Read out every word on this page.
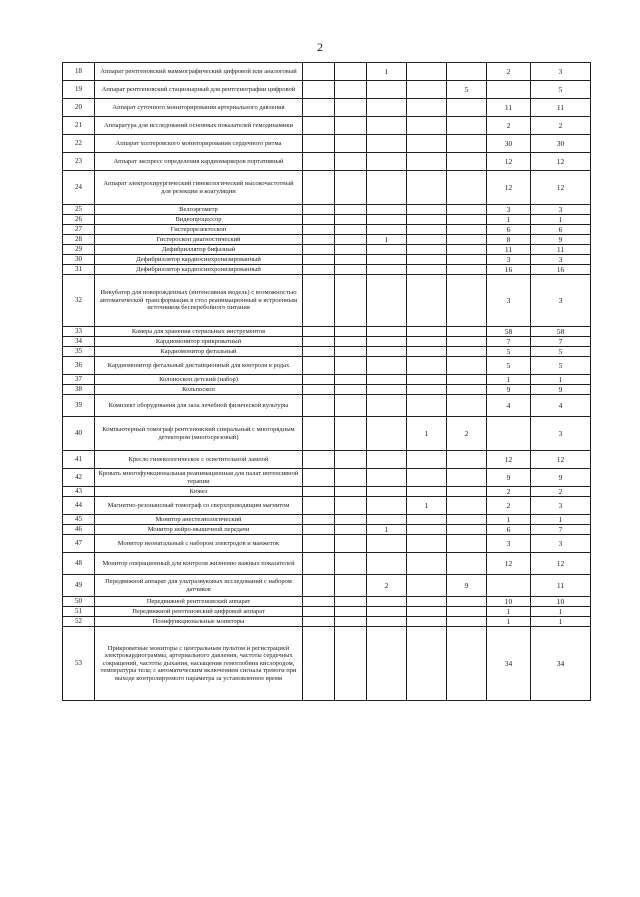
2
18	Аппарат рентгеновский маммографический цифровой или аналоговый			1			2	3
19	Аппарат рентгеновский стационарный для рентгенографии цифровой					5		5
20	Аппарат суточного мониторирования артериального давления						11	11
21	Аппаратура для исследований основных показателей гемодинамики						2	2
22	Аппарат холтеровского мониторирования сердечного ритма						30	30
23	Аппарат экспресс определения кардиомаркеров портативный						12	12
24	Аппарат электрохирургический гинекологический высокочастотный для резекции и коагуляции						12	12
25	Велоэргометр						3	3
26	Видеопроцессор						1	1
27	Гистерорезектоскоп						6	6
28	Гистероскоп диагностический			1			8	9
29	Дефибриллятор бифазный						11	11
30	Дефибриллятор кардиосинхронизированный						3	3
31	Дефибриллятор кардиосинхронизированный						16	16
32	Инкубатор для новорожденных (интенсивная модель) с возможностью автоматической трансформации в стол реанимационный и встроенным источником бесперебойного питания						3	3
33	Камера для хранения стерильных инструментов						58	58
34	Кардиомонитор прикроватный						7	7
35	Кардиомонитор фетальный						5	5
36	Кардиомонитор фетальный дистанционный для контроля в родах						5	5
37	Колоноскоп детский (набор)						1	1
38	Кольпоскоп						9	9
39	Комплект оборудования для зала лечебной физической культуры						4	4
40	Компьютерный томограф рентгеновский спиральный с многорядным детектором (многосрезовый)				1	2		3
41	Кресло гинекологическое с осветительной лампой						12	12
42	Кровать многофункциональная реанимационная для палат интенсивной терапии						9	9
43	Кювез						2	2
44	Магнитно-резонансный томограф со сверхпроводящим магнитом				1		2	3
45	Монитор анестезиологический						1	1
46	Монитор нейро-мышечной передачи			1			6	7
47	Монитор неонатальный с набором электродов и манжеток						3	3
48	Монитор операционный для контроля жизненно важных показателей						12	12
49	Передвижной аппарат для ультразвуковых исследований с набором датчиков			2		9		11
50	Передвижной рентгеновский аппарат						10	10
51	Передвижной рентгеновский цифровой аппарат						1	1
52	Полифункциональные мониторы						1	1
53	Прикроватные мониторы с центральным пультом и регистрацией электрокардиограммы, артериального давления, частоты сердечных сокращений, частоты дыхания, насыщения гемоглобина кислородом, температуры тела; с автоматическим включением сигнала тревоги при выходе контролируемого параметра за установленное время						34	34
